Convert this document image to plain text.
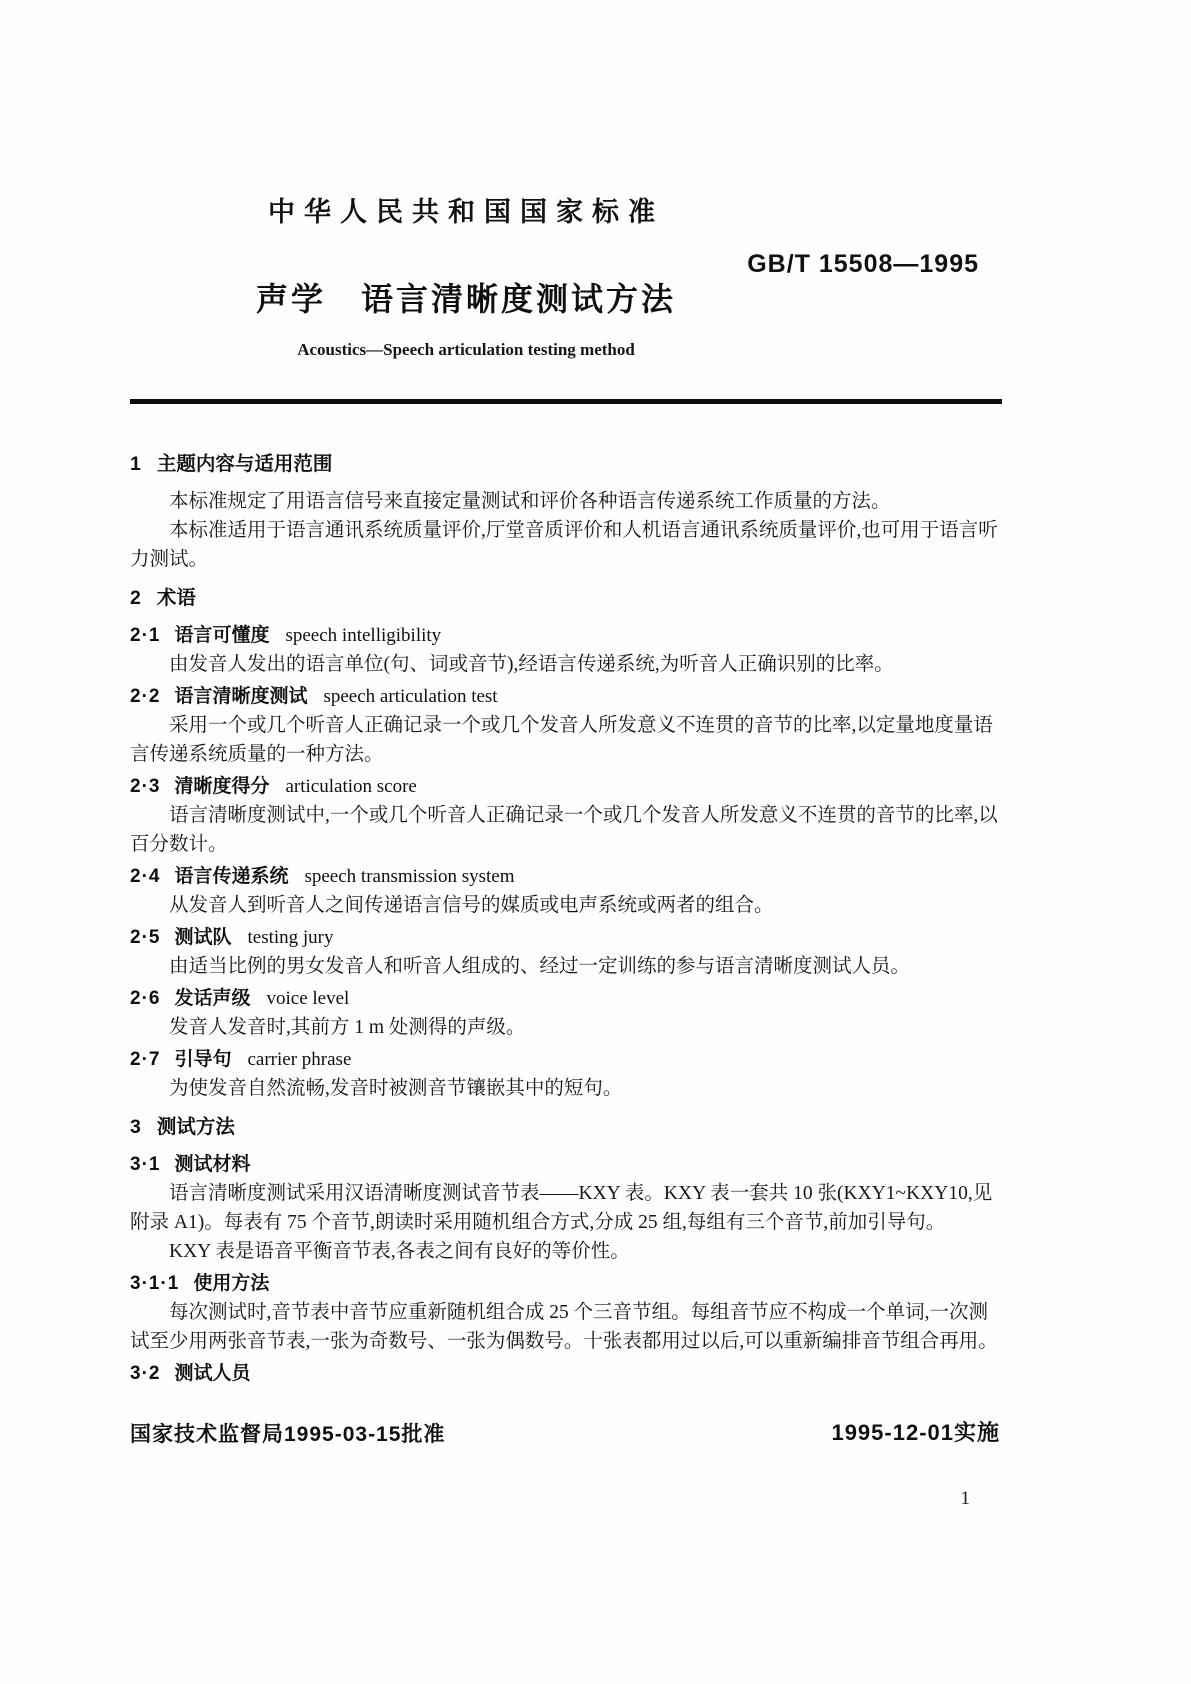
中华人民共和国国家标准
GB/T 15508—1995
声学　语言清晰度测试方法
Acoustics—Speech articulation testing method
1 主题内容与适用范围

本标准规定了用语言信号来直接定量测试和评价各种语言传递系统工作质量的方法。

本标准适用于语言通讯系统质量评价,厅堂音质评价和人机语言通讯系统质量评价,也可用于语言听力测试。

2 术语
2·1 语言可懂度 speech intelligibility

由发音人发出的语言单位(句、词或音节),经语言传递系统,为听音人正确识别的比率。

2·2 语言清晰度测试 speech articulation test

采用一个或几个听音人正确记录一个或几个发音人所发意义不连贯的音节的比率,以定量地度量语言传递系统质量的一种方法。

2·3 清晰度得分 articulation score

语言清晰度测试中,一个或几个听音人正确记录一个或几个发音人所发意义不连贯的音节的比率,以百分数计。

2·4 语言传递系统 speech transmission system

从发音人到听音人之间传递语言信号的媒质或电声系统或两者的组合。

2·5 测试队 testing jury

由适当比例的男女发音人和听音人组成的、经过一定训练的参与语言清晰度测试人员。

2·6 发话声级 voice level

发音人发音时,其前方 1 m 处测得的声级。

2·7 引导句 carrier phrase

为使发音自然流畅,发音时被测音节镶嵌其中的短句。

3 测试方法
3·1 测试材料

语言清晰度测试采用汉语清晰度测试音节表——KXY 表。KXY 表一套共 10 张(KXY1~KXY10,见附录 A1)。每表有 75 个音节,朗读时采用随机组合方式,分成 25 组,每组有三个音节,前加引导句。

KXY 表是语音平衡音节表,各表之间有良好的等价性。

3·1·1 使用方法

每次测试时,音节表中音节应重新随机组合成 25 个三音节组。每组音节应不构成一个单词,一次测试至少用两张音节表,一张为奇数号、一张为偶数号。十张表都用过以后,可以重新编排音节组合再用。

3·2 测试人员
国家技术监督局1995-03-15批准	1995-12-01实施
1
